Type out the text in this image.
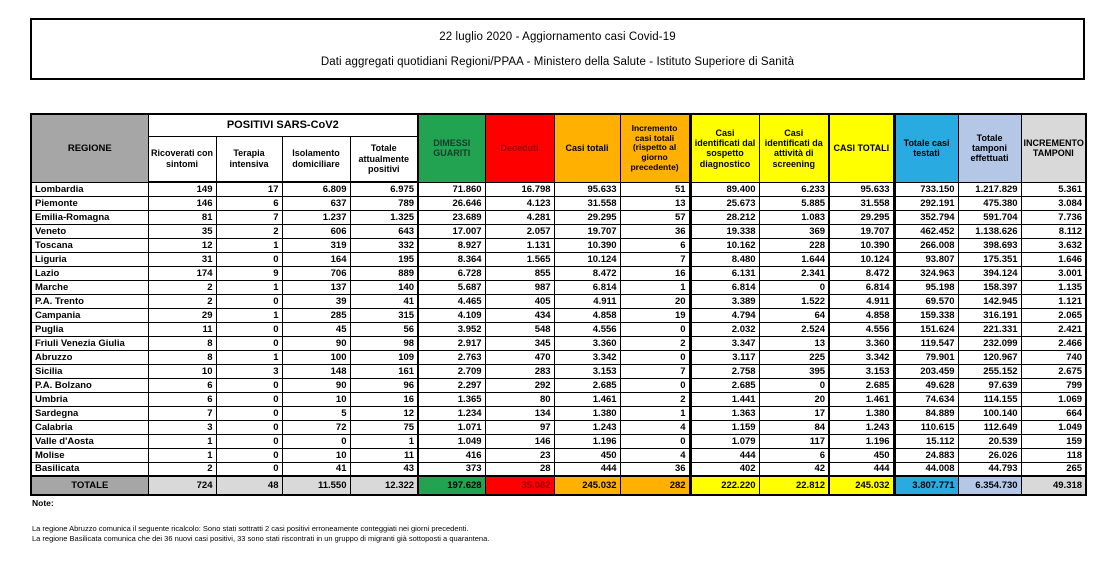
22 luglio 2020 - Aggiornamento casi Covid-19
Dati aggregati quotidiani Regioni/PPAA - Ministero della Salute - Istituto Superiore di Sanità
REGIONE	POSITIVI SARS-CoV2				DIMESSI GUARITI	Deceduti	Casi totali	Incremento casi totali (rispetto al giorno precedente)	Casi identificati dal sospetto diagnostico	Casi identificati da attività di screening	CASI TOTALI	Totale casi testati	Totale tamponi effettuati	INCREMENTO TAMPONI
	Ricoverati con sintomi	Terapia intensiva	Isolamento domiciliare	Totale attualmente positivi										
Lombardia	149	17	6.809	6.975	71.860	16.798	95.633	51	89.400	6.233	95.633	733.150	1.217.829	5.361
Piemonte	146	6	637	789	26.646	4.123	31.558	13	25.673	5.885	31.558	292.191	475.380	3.084
Emilia-Romagna	81	7	1.237	1.325	23.689	4.281	29.295	57	28.212	1.083	29.295	352.794	591.704	7.736
Veneto	35	2	606	643	17.007	2.057	19.707	36	19.338	369	19.707	462.452	1.138.626	8.112
Toscana	12	1	319	332	8.927	1.131	10.390	6	10.162	228	10.390	266.008	398.693	3.632
Liguria	31	0	164	195	8.364	1.565	10.124	7	8.480	1.644	10.124	93.807	175.351	1.646
Lazio	174	9	706	889	6.728	855	8.472	16	6.131	2.341	8.472	324.963	394.124	3.001
Marche	2	1	137	140	5.687	987	6.814	1	6.814	0	6.814	95.198	158.397	1.135
P.A. Trento	2	0	39	41	4.465	405	4.911	20	3.389	1.522	4.911	69.570	142.945	1.121
Campania	29	1	285	315	4.109	434	4.858	19	4.794	64	4.858	159.338	316.191	2.065
Puglia	11	0	45	56	3.952	548	4.556	0	2.032	2.524	4.556	151.624	221.331	2.421
Friuli Venezia Giulia	8	0	90	98	2.917	345	3.360	2	3.347	13	3.360	119.547	232.099	2.466
Abruzzo	8	1	100	109	2.763	470	3.342	0	3.117	225	3.342	79.901	120.967	740
Sicilia	10	3	148	161	2.709	283	3.153	7	2.758	395	3.153	203.459	255.152	2.675
P.A. Bolzano	6	0	90	96	2.297	292	2.685	0	2.685	0	2.685	49.628	97.639	799
Umbria	6	0	10	16	1.365	80	1.461	2	1.441	20	1.461	74.634	114.155	1.069
Sardegna	7	0	5	12	1.234	134	1.380	1	1.363	17	1.380	84.889	100.140	664
Calabria	3	0	72	75	1.071	97	1.243	4	1.159	84	1.243	110.615	112.649	1.049
Valle d'Aosta	1	0	0	1	1.049	146	1.196	0	1.079	117	1.196	15.112	20.539	159
Molise	1	0	10	11	416	23	450	4	444	6	450	24.883	26.026	118
Basilicata	2	0	41	43	373	28	444	36	402	42	444	44.008	44.793	265
TOTALE	724	48	11.550	12.322	197.628	35.082	245.032	282	222.220	22.812	245.032	3.807.771	6.354.730	49.318
Note:
La regione Abruzzo comunica il seguente ricalcolo: Sono stati sottratti 2 casi positivi erroneamente conteggiati nei giorni precedenti.
La regione Basilicata comunica che dei 36 nuovi casi positivi, 33 sono stati riscontrati in un gruppo di migranti già sottoposti a quarantena.
